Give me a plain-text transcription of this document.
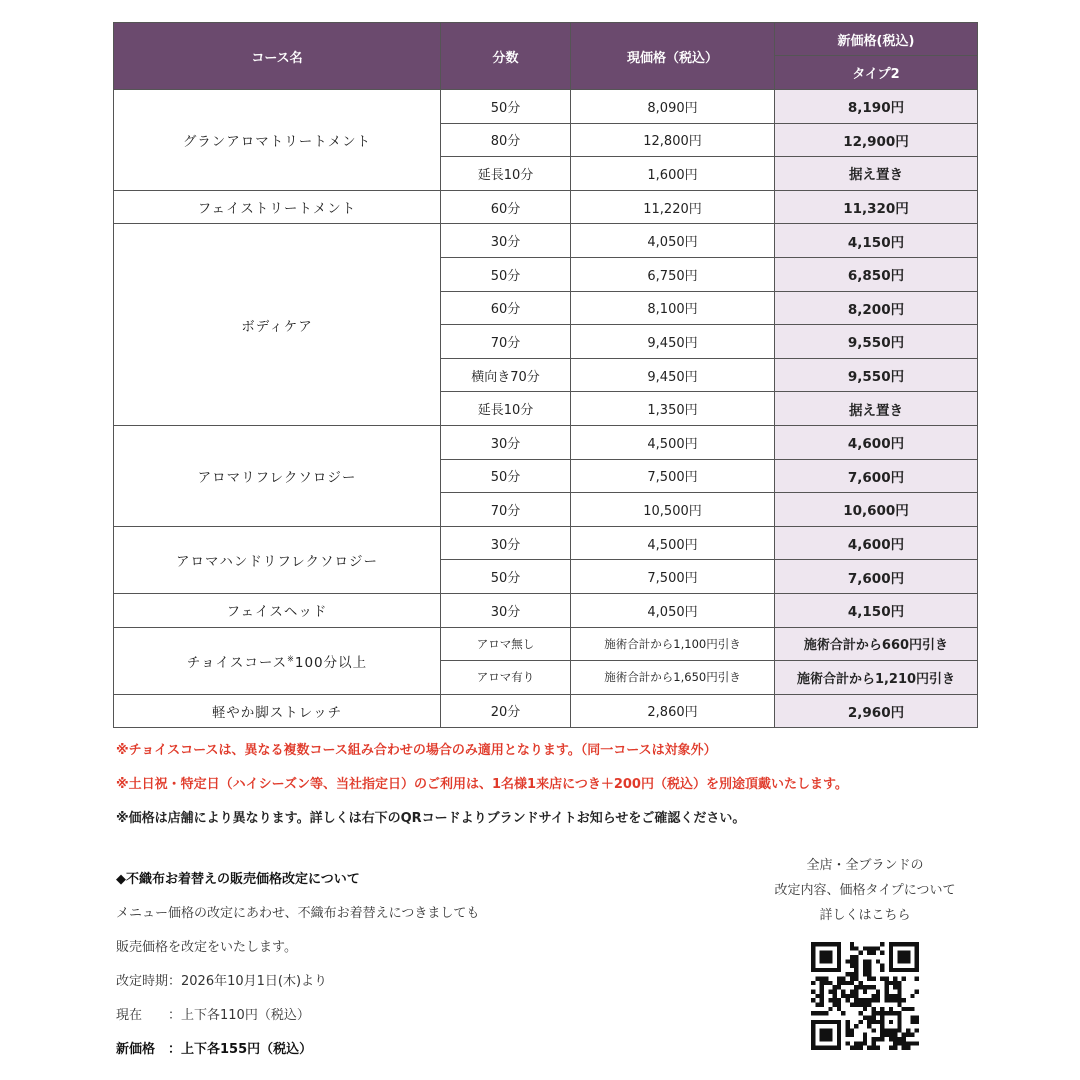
コース名	分数	現価格（税込）	新価格(税込)
			タイプ2
グランアロマトリートメント	50分	8,090円	8,190円
	80分	12,800円	12,900円
	延長10分	1,600円	据え置き
フェイストリートメント	60分	11,220円	11,320円
ボディケア	30分	4,050円	4,150円
	50分	6,750円	6,850円
	60分	8,100円	8,200円
	70分	9,450円	9,550円
	横向き70分	9,450円	9,550円
	延長10分	1,350円	据え置き
アロマリフレクソロジー	30分	4,500円	4,600円
	50分	7,500円	7,600円
	70分	10,500円	10,600円
アロマハンドリフレクソロジー	30分	4,500円	4,600円
	50分	7,500円	7,600円
フェイスヘッド	30分	4,050円	4,150円
チョイスコース※100分以上	アロマ無し	施術合計から1,100円引き	施術合計から660円引き
	アロマ有り	施術合計から1,650円引き	施術合計から1,210円引き
軽やか脚ストレッチ	20分	2,860円	2,960円
※チョイスコースは、異なる複数コース組み合わせの場合のみ適用となります。（同一コースは対象外）
※土日祝・特定日（ハイシーズン等、当社指定日）のご利用は、1名様1来店につき＋200円（税込）を別途頂戴いたします。
※価格は店舗により異なります。詳しくは右下のQRコードよりブランドサイトお知らせをご確認ください。
◆不織布お着替えの販売価格改定について
メニュー価格の改定にあわせ、不織布お着替えにつきましても
販売価格を改定をいたします。
改定時期：2026年10月1日(木)より
現在　　：上下各110円（税込）
新価格　：上下各155円（税込）
全店・全ブランドの
改定内容、価格タイプについて
詳しくはこちら
